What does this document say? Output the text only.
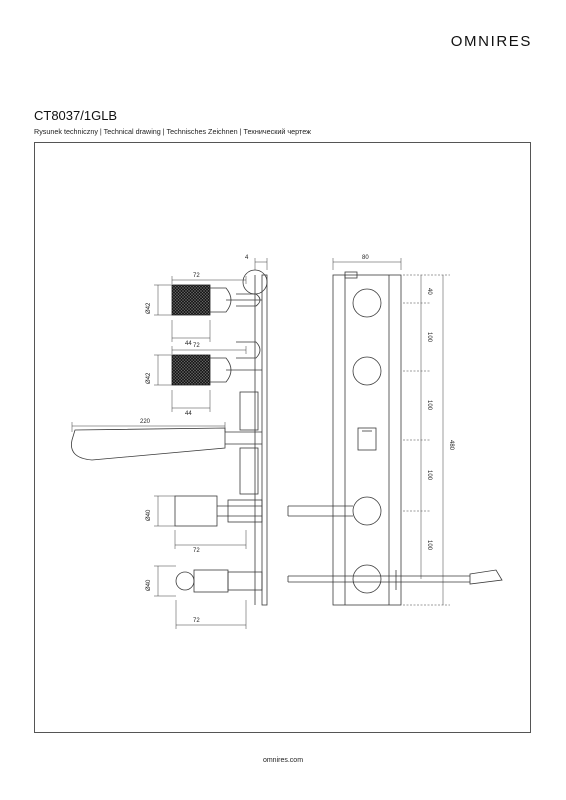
OMNIRES
CT8037/1GLB
Rysunek techniczny | Technical drawing | Technisches Zeichnen | Технический чертеж
4
72
Ø42
44 72
Ø42
44
220
Ø40
72
Ø40
72
80
40
100
100
100
100
480
omnires.com
